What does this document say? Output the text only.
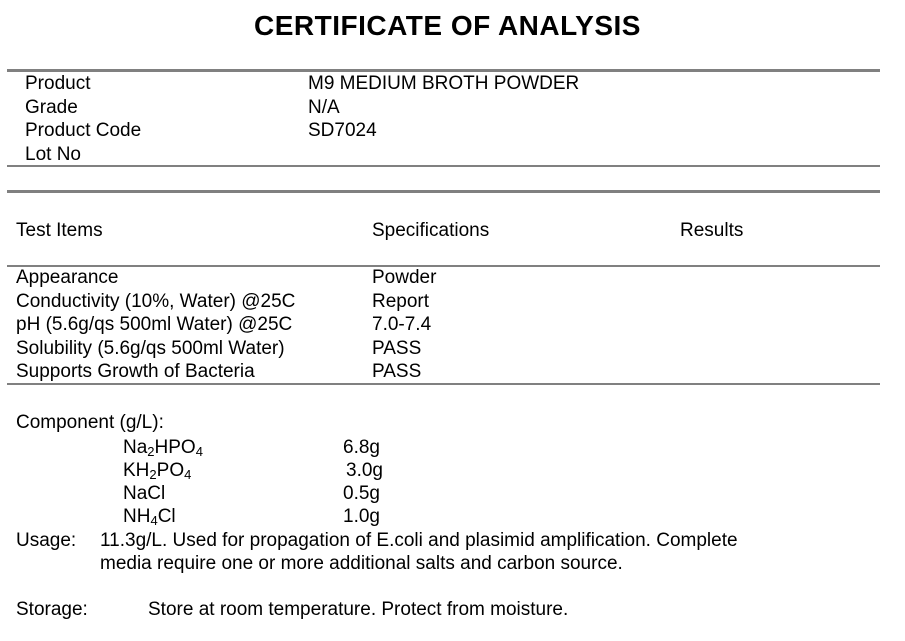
CERTIFICATE OF ANALYSIS
Product	M9 MEDIUM BROTH POWDER
Grade	N/A
Product Code	SD7024
Lot No
Test Items	Specifications	Results
Appearance	Powder
Conductivity (10%, Water) @25C	Report
pH (5.6g/qs 500ml Water) @25C	7.0-7.4
Solubility (5.6g/qs 500ml Water)	PASS
Supports Growth of Bacteria	PASS
Component (g/L):
$Na_2HPO_4$	6.8g
$KH_2PO_4$	3.0g
NaCl	0.5g
$NH_4Cl$	1.0g
Usage: 11.3g/L. Used for propagation of E.coli and plasimid amplification. Complete
media require one or more additional salts and carbon source.
Storage:	Store at room temperature. Protect from moisture.
